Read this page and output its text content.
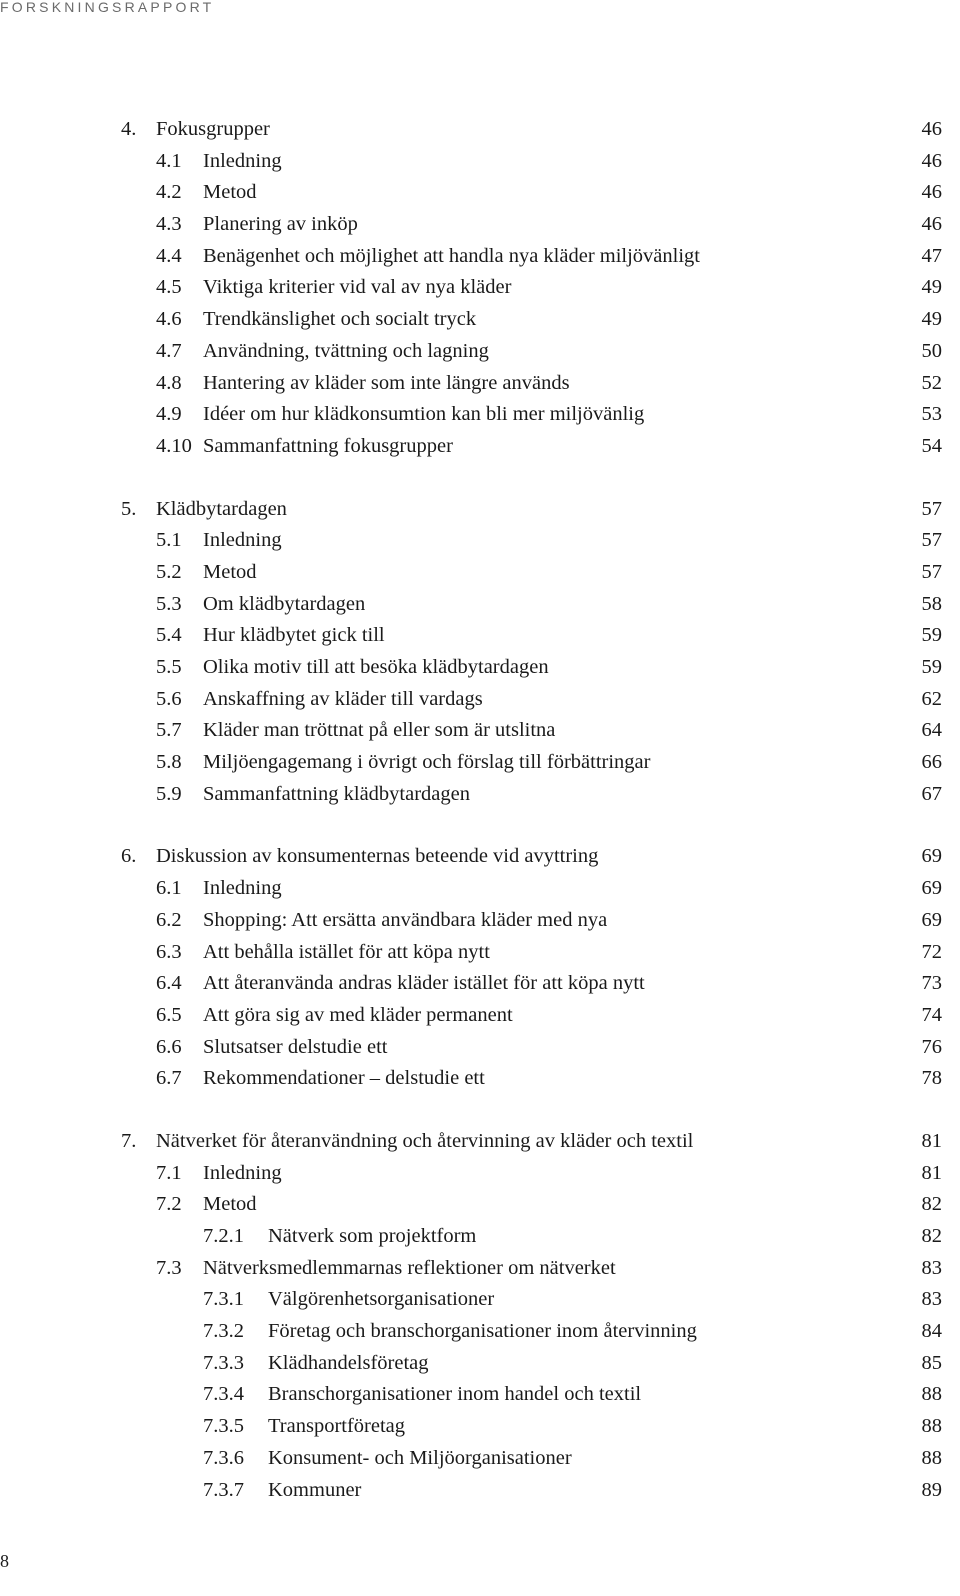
FORSKNINGSRAPPORT
4. Fokusgrupper	46
4.1 Inledning	46
4.2 Metod	46
4.3 Planering av inköp	46
4.4 Benägenhet och möjlighet att handla nya kläder miljövänligt	47
4.5 Viktiga kriterier vid val av nya kläder	49
4.6 Trendkänslighet och socialt tryck	49
4.7 Användning, tvättning och lagning	50
4.8 Hantering av kläder som inte längre används	52
4.9 Idéer om hur klädkonsumtion kan bli mer miljövänlig	53
4.10 Sammanfattning fokusgrupper	54
5. Klädbytardagen	57
5.1 Inledning	57
5.2 Metod	57
5.3 Om klädbytardagen	58
5.4 Hur klädbytet gick till	59
5.5 Olika motiv till att besöka klädbytardagen	59
5.6 Anskaffning av kläder till vardags	62
5.7 Kläder man tröttnat på eller som är utslitna	64
5.8 Miljöengagemang i övrigt och förslag till förbättringar	66
5.9 Sammanfattning klädbytardagen	67
6. Diskussion av konsumenternas beteende vid avyttring	69
6.1 Inledning	69
6.2 Shopping: Att ersätta användbara kläder med nya	69
6.3 Att behålla istället för att köpa nytt	72
6.4 Att återanvända andras kläder istället för att köpa nytt	73
6.5 Att göra sig av med kläder permanent	74
6.6 Slutsatser delstudie ett	76
6.7 Rekommendationer – delstudie ett	78
7. Nätverket för återanvändning och återvinning av kläder och textil	81
7.1 Inledning	81
7.2 Metod	82
7.2.1 Nätverk som projektform	82
7.3 Nätverksmedlemmarnas reflektioner om nätverket	83
7.3.1 Välgörenhetsorganisationer	83
7.3.2 Företag och branschorganisationer inom återvinning	84
7.3.3 Klädhandelsföretag	85
7.3.4 Branschorganisationer inom handel och textil	88
7.3.5 Transportföretag	88
7.3.6 Konsument- och Miljöorganisationer	88
7.3.7 Kommuner	89
8
